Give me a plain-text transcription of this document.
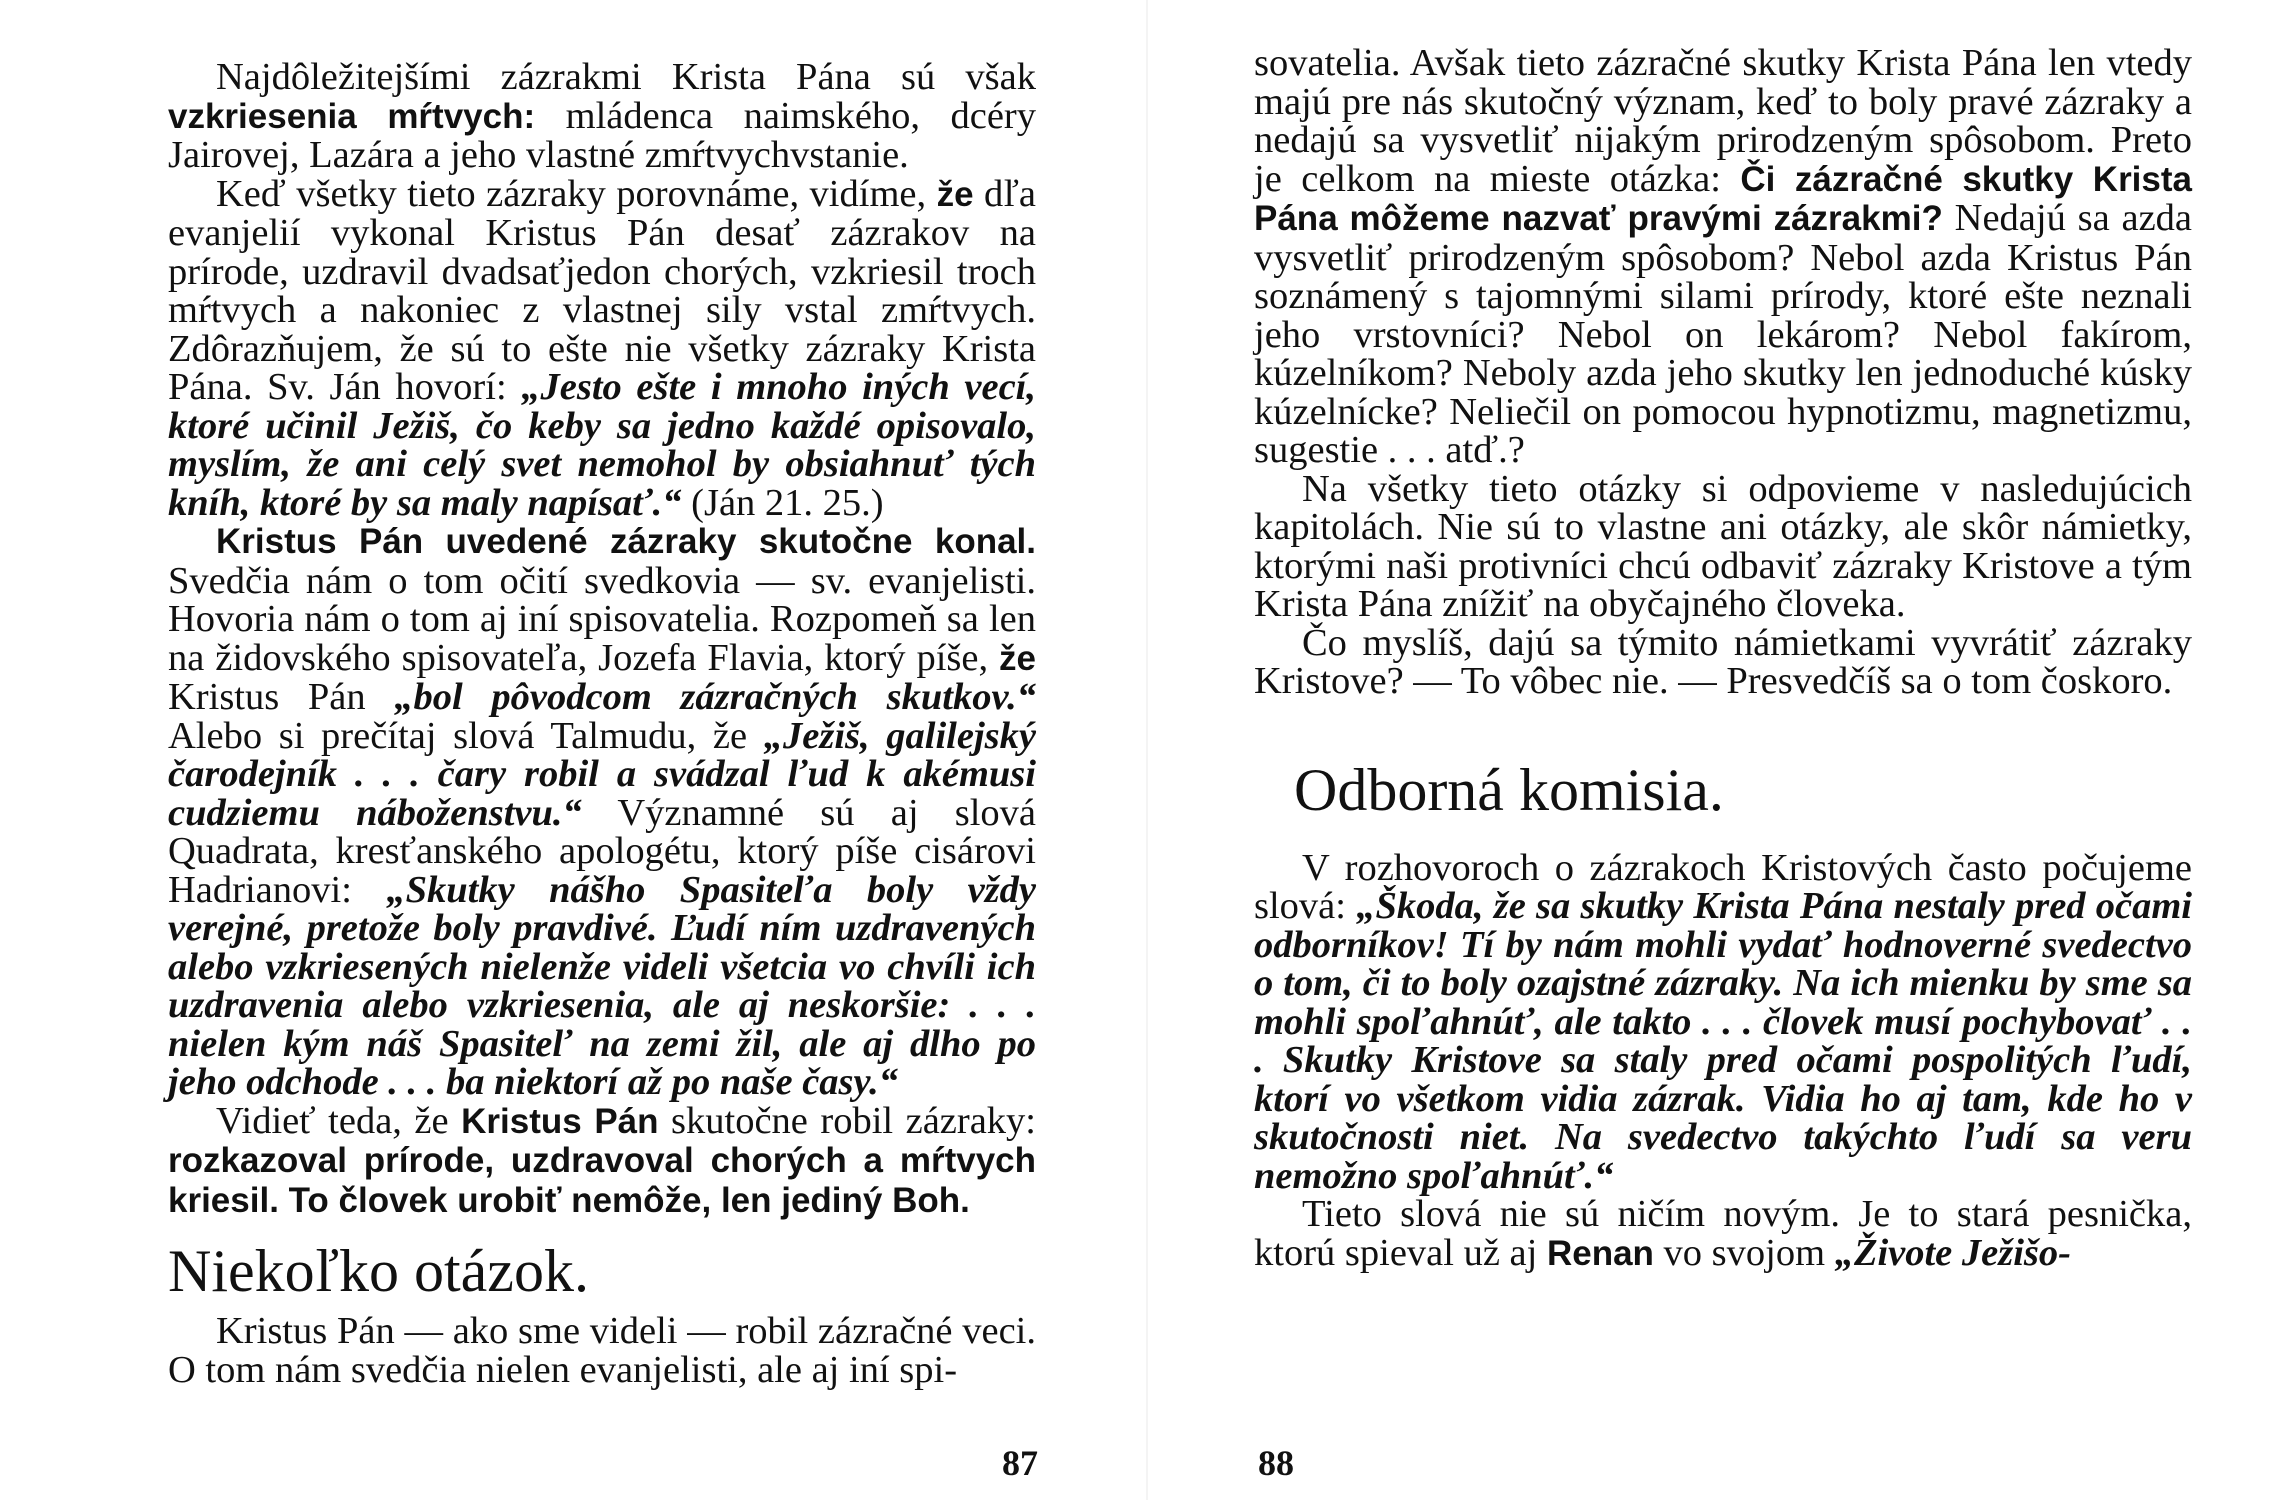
Najdôležitejšími zázrakmi Krista Pána sú však vzkriesenia mŕtvych: mládenca naimského, dcéry Jairovej, Lazára a jeho vlastné zmŕtvychvstanie.

Keď všetky tieto zázraky porovnáme, vidíme, že dľa evanjelií vykonal Kristus Pán desať zázrakov na prírode, uzdravil dvadsaťjedon chorých, vzkriesil troch mŕtvych a nakoniec z vlastnej sily vstal zmŕtvych. Zdôrazňujem, že sú to ešte nie všetky zázraky Krista Pána. Sv. Ján hovorí: „Jesto ešte i mnoho iných vecí, ktoré učinil Ježiš, čo keby sa jedno každé opisovalo, myslím, že ani celý svet nemohol by obsiahnuť tých kníh, ktoré by sa maly napísať.“ (Ján 21. 25.)

Kristus Pán uvedené zázraky skutočne konal. Svedčia nám o tom očití svedkovia — sv. evanjelisti. Hovoria nám o tom aj iní spisovatelia. Rozpomeň sa len na židovského spisovateľa, Jozefa Flavia, ktorý píše, že Kristus Pán „bol pôvodcom zázračných skutkov.“ Alebo si prečítaj slová Talmudu, že „Ježiš, galilejský čarodejník . . . čary robil a svádzal ľud k akémusi cudziemu náboženstvu.“ Významné sú aj slová Quadrata, kresťanského apologétu, ktorý píše cisárovi Hadrianovi: „Skutky nášho Spasiteľa boly vždy verejné, pretože boly pravdivé. Ľudí ním uzdravených alebo vzkriesených nielenže videli všetcia vo chvíli ich uzdravenia alebo vzkriesenia, ale aj neskoršie: . . . nielen kým náš Spasiteľ na zemi žil, ale aj dlho po jeho odchode . . . ba niektorí až po naše časy.“

Vidieť teda, že Kristus Pán skutočne robil zázraky: rozkazoval prírode, uzdravoval chorých a mŕtvych kriesil. To človek urobiť nemôže, len jediný Boh.

Niekoľko otázok.

Kristus Pán — ako sme videli — robil zázračné veci. O tom nám svedčia nielen evanjelisti, ale aj iní spi-

87

sovatelia. Avšak tieto zázračné skutky Krista Pána len vtedy majú pre nás skutočný význam, keď to boly pravé zázraky a nedajú sa vysvetliť nijakým prirodzeným spôsobom. Preto je celkom na mieste otázka: Či zázračné skutky Krista Pána môžeme nazvať pravými zázrakmi? Nedajú sa azda vysvetliť prirodzeným spôsobom? Nebol azda Kristus Pán soznámený s tajomnými silami prírody, ktoré ešte neznali jeho vrstovníci? Nebol on lekárom? Nebol fakírom, kúzelníkom? Neboly azda jeho skutky len jednoduché kúsky kúzelnícke? Neliečil on pomocou hypnotizmu, magnetizmu, sugestie . . . atď.?

Na všetky tieto otázky si odpovieme v nasledujúcich kapitolách. Nie sú to vlastne ani otázky, ale skôr námietky, ktorými naši protivníci chcú odbaviť zázraky Kristove a tým Krista Pána znížiť na obyčajného človeka.

Čo myslíš, dajú sa týmito námietkami vyvrátiť zázraky Kristove? — To vôbec nie. — Presvedčíš sa o tom čoskoro.

Odborná komisia.

V rozhovoroch o zázrakoch Kristových často počujeme slová: „Škoda, že sa skutky Krista Pána nestaly pred očami odborníkov! Tí by nám mohli vydať hodnoverné svedectvo o tom, či to boly ozajstné zázraky. Na ich mienku by sme sa mohli spoľahnúť, ale takto . . . človek musí pochybovať . . . Skutky Kristove sa staly pred očami pospolitých ľudí, ktorí vo všetkom vidia zázrak. Vidia ho aj tam, kde ho v skutočnosti niet. Na svedectvo takýchto ľudí sa veru nemožno spoľahnúť.“

Tieto slová nie sú ničím novým. Je to stará pesnička, ktorú spieval už aj Renan vo svojom „Živote Ježišo-

88
